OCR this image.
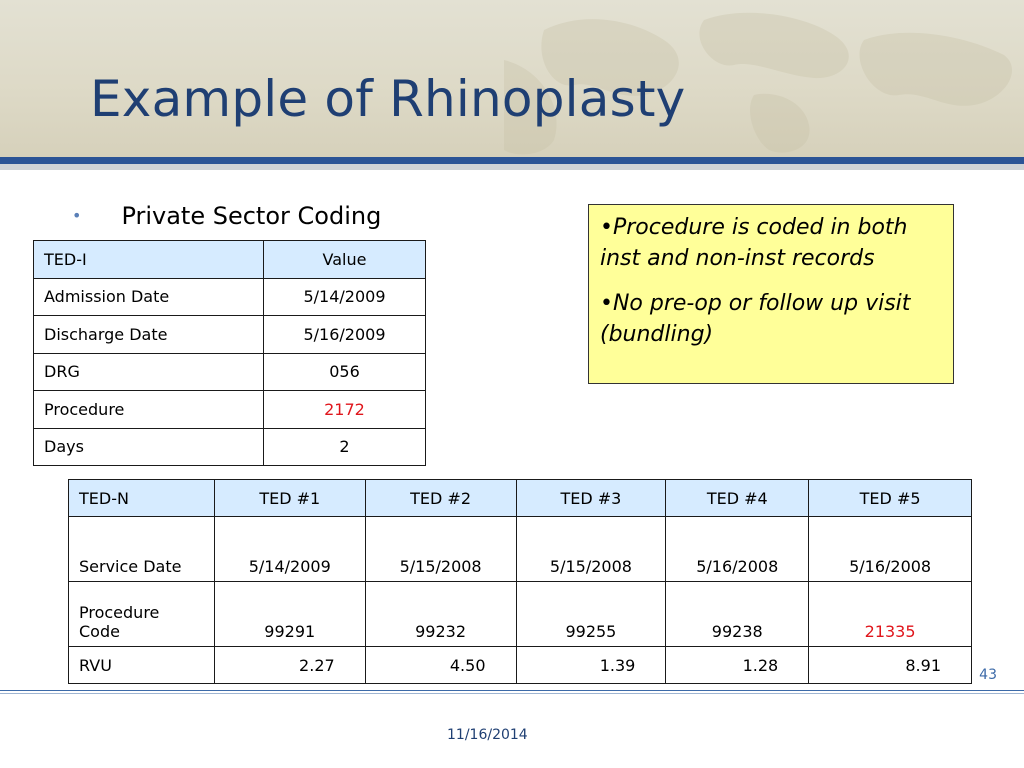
Example of Rhinoplasty
• Private Sector Coding	•Procedure is coded in both inst and non-inst records

•No pre-op or follow up visit (bundling)

TED-I	Value
Admission Date	5/14/2009
Discharge Date	5/16/2009
DRG	056
Procedure	2172
Days	2
TED-N	TED #1	TED #2	TED #3	TED #4	TED #5
Service Date	5/14/2009	5/15/2008	5/15/2008	5/16/2008	5/16/2008
Procedure Code	99291	99232	99255	99238	21335
RVU	2.27	4.50	1.39	1.28	8.91
43
11/16/2014
